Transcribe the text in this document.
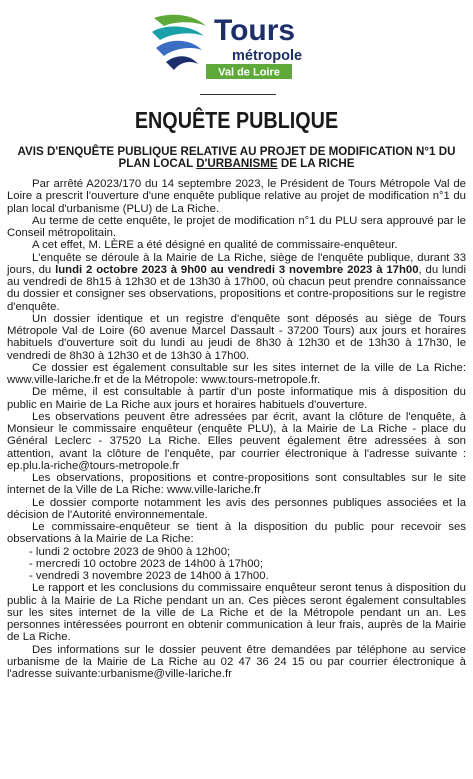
Tours
métropole
Val de Loire
ENQUÊTE PUBLIQUE
AVIS D'ENQUÊTE PUBLIQUE RELATIVE AU PROJET DE MODIFICATION N°1 DU
PLAN LOCAL D'URBANISME DE LA RICHE

Par arrêté A2023/170 du 14 septembre 2023, le Président de Tours Métropole Val de Loire a prescrit l'ouverture d'une enquête publique relative au projet de modification n°1 du plan local d'urbanisme (PLU) de La Riche.

Au terme de cette enquête, le projet de modification n°1 du PLU sera approuvé par le Conseil métropolitain.

A cet effet, M. LÈRE a été désigné en qualité de commissaire-enquêteur.

L'enquête se déroule à la Mairie de La Riche, siège de l'enquête publique, durant 33 jours, du lundi 2 octobre 2023 à 9h00 au vendredi 3 novembre 2023 à 17h00, du lundi au vendredi de 8h15 à 12h30 et de 13h30 à 17h00, où chacun peut prendre connaissance du dossier et consigner ses observations, propositions et contre-propositions sur le registre d'enquête.

Un dossier identique et un registre d'enquête sont déposés au siège de Tours Métropole Val de Loire (60 avenue Marcel Dassault - 37200 Tours) aux jours et horaires habituels d'ouverture soit du lundi au jeudi de 8h30 à 12h30 et de 13h30 à 17h30, le vendredi de 8h30 à 12h30 et de 13h30 à 17h00.

Ce dossier est également consultable sur les sites internet de la ville de La Riche: www.ville-lariche.fr et de la Métropole: www.tours-metropole.fr.

De même, il est consultable à partir d'un poste informatique mis à disposition du public en Mairie de La Riche aux jours et horaires habituels d'ouverture.

Les observations peuvent être adressées par écrit, avant la clôture de l'enquête, à Monsieur le commissaire enquêteur (enquête PLU), à la Mairie de La Riche - place du Général Leclerc - 37520 La Riche. Elles peuvent également être adressées à son attention, avant la clôture de l'enquête, par courrier électronique à l'adresse suivante : ep.plu.la-riche@tours-metropole.fr

Les observations, propositions et contre-propositions sont consultables sur le site internet de la Ville de La Riche: www.ville-lariche.fr

Le dossier comporte notamment les avis des personnes publiques associées et la décision de l'Autorité environnementale.

Le commissaire-enquêteur se tient à la disposition du public pour recevoir ses observations à la Mairie de La Riche:

- lundi 2 octobre 2023 de 9h00 à 12h00;

- mercredi 10 octobre 2023 de 14h00 à 17h00;

- vendredi 3 novembre 2023 de 14h00 à 17h00.

Le rapport et les conclusions du commissaire enquêteur seront tenus à disposition du public à la Mairie de La Riche pendant un an. Ces pièces seront également consultables sur les sites internet de la ville de La Riche et de la Métropole pendant un an. Les personnes intéressées pourront en obtenir communication à leur frais, auprès de la Mairie de La Riche.

Des informations sur le dossier peuvent être demandées par téléphone au service urbanisme de la Mairie de La Riche au 02 47 36 24 15 ou par courrier électronique à l'adresse suivante:urbanisme@ville-lariche.fr
